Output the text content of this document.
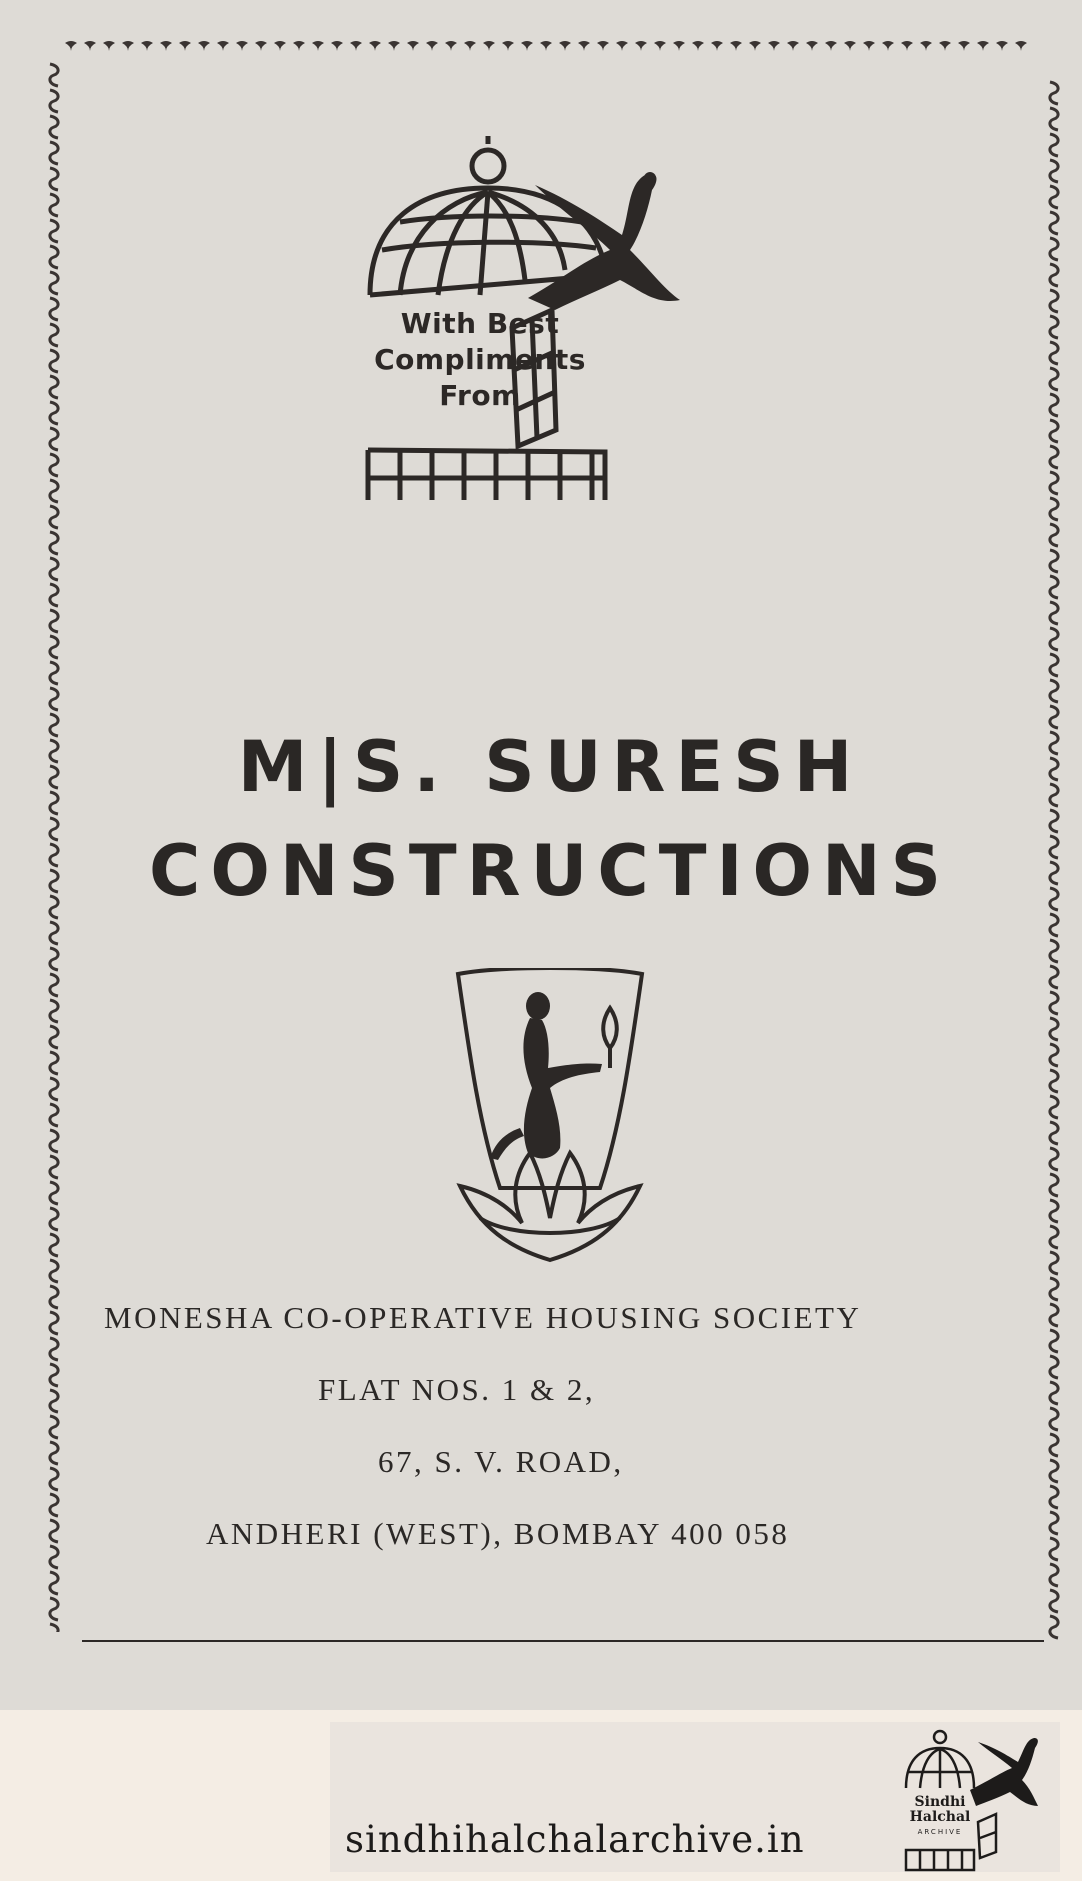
With Best
Compliments
From
M|S. SURESH
CONSTRUCTIONS
MONESHA CO-OPERATIVE HOUSING SOCIETY
FLAT NOS. 1 & 2,
67, S. V. ROAD,
ANDHERI (WEST), BOMBAY 400 058
sindhihalchalarchive.in
Sindhi
Halchal
ARCHIVE
